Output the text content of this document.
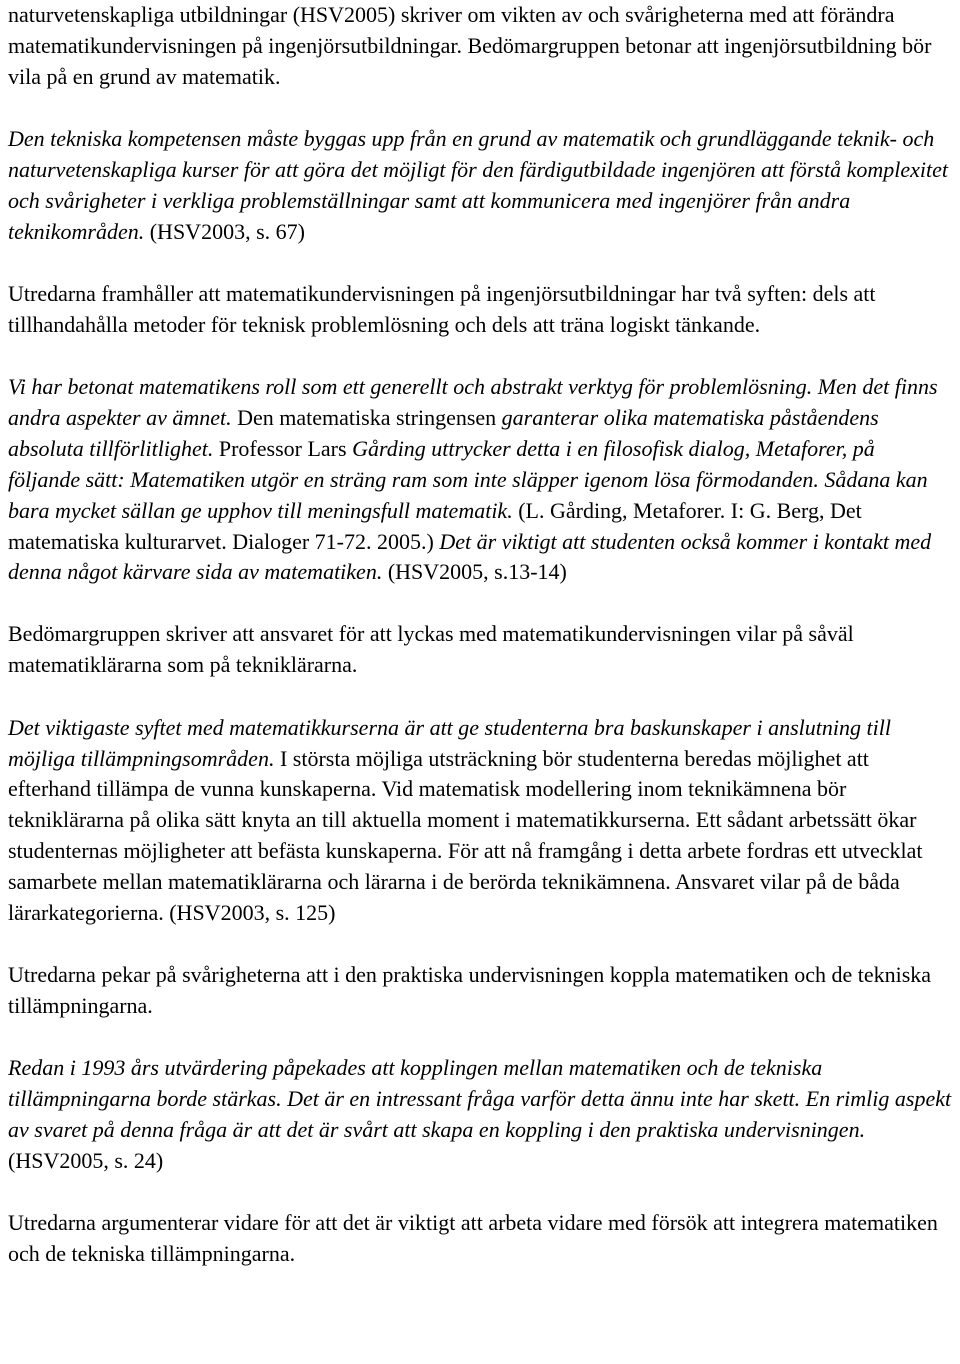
naturvetenskapliga utbildningar (HSV2005) skriver om vikten av och svårigheterna med att förändra matematikundervisningen på ingenjörsutbildningar. Bedömargruppen betonar att ingenjörsutbildning bör vila på en grund av matematik.

Den tekniska kompetensen måste byggas upp från en grund av matematik och grundläggande teknik- och naturvetenskapliga kurser för att göra det möjligt för den färdigutbildade ingenjören att förstå komplexitet och svårigheter i verkliga problemställningar samt att kommunicera med ingenjörer från andra teknikområden. (HSV2003, s. 67)

Utredarna framhåller att matematikundervisningen på ingenjörsutbildningar har två syften: dels att tillhandahålla metoder för teknisk problemlösning och dels att träna logiskt tänkande.

Vi har betonat matematikens roll som ett generellt och abstrakt verktyg för problemlösning. Men det finns andra aspekter av ämnet. Den matematiska stringensen garanterar olika matematiska påståendens absoluta tillförlitlighet. Professor Lars Gårding uttrycker detta i en filosofisk dialog, Metaforer, på följande sätt: Matematiken utgör en sträng ram som inte släpper igenom lösa förmodanden. Sådana kan bara mycket sällan ge upphov till meningsfull matematik. (L. Gårding, Metaforer. I: G. Berg, Det matematiska kulturarvet. Dialoger 71-72. 2005.) Det är viktigt att studenten också kommer i kontakt med denna något kärvare sida av matematiken. (HSV2005, s.13-14)

Bedömargruppen skriver att ansvaret för att lyckas med matematikundervisningen vilar på såväl matematiklärarna som på tekniklärarna.

Det viktigaste syftet med matematikkurserna är att ge studenterna bra baskunskaper i anslutning till möjliga tillämpningsområden. I största möjliga utsträckning bör studenterna beredas möjlighet att efterhand tillämpa de vunna kunskaperna. Vid matematisk modellering inom teknikämnena bör tekniklärarna på olika sätt knyta an till aktuella moment i matematikkurserna. Ett sådant arbetssätt ökar studenternas möjligheter att befästa kunskaperna. För att nå framgång i detta arbete fordras ett utvecklat samarbete mellan matematiklärarna och lärarna i de berörda teknikämnena. Ansvaret vilar på de båda lärarkategorierna. (HSV2003, s. 125)

Utredarna pekar på svårigheterna att i den praktiska undervisningen koppla matematiken och de tekniska tillämpningarna.

Redan i 1993 års utvärdering påpekades att kopplingen mellan matematiken och de tekniska tillämpningarna borde stärkas. Det är en intressant fråga varför detta ännu inte har skett. En rimlig aspekt av svaret på denna fråga är att det är svårt att skapa en koppling i den praktiska undervisningen. (HSV2005, s. 24)

Utredarna argumenterar vidare för att det är viktigt att arbeta vidare med försök att integrera matematiken och de tekniska tillämpningarna.
